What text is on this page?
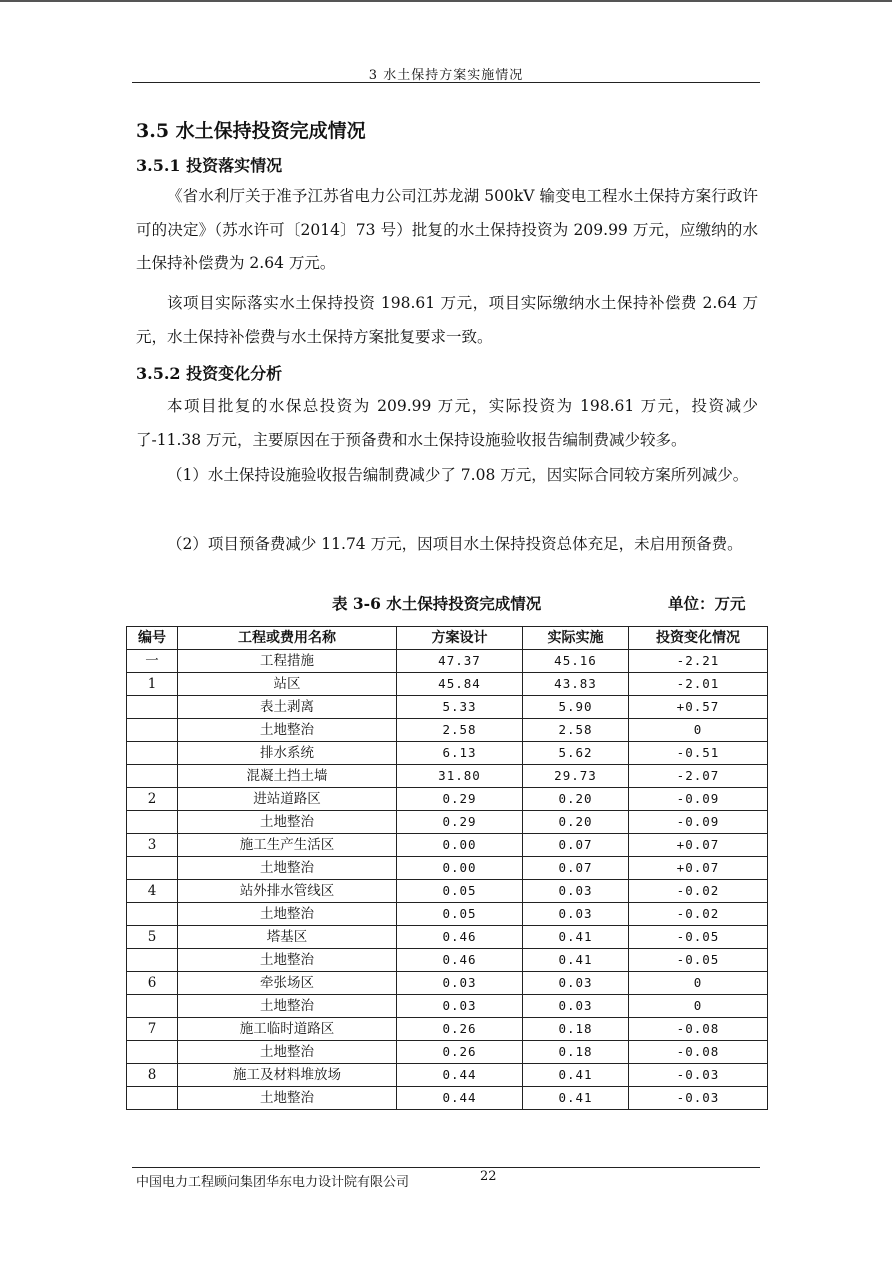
3 水土保持方案实施情况
3.5 水土保持投资完成情况
3.5.1 投资落实情况

《省水利厅关于准予江苏省电力公司江苏龙湖 500kV 输变电工程水土保持方案行政许可的决定》（苏水许可〔2014〕73 号）批复的水土保持投资为 209.99 万元，应缴纳的水土保持补偿费为 2.64 万元。

该项目实际落实水土保持投资 198.61 万元，项目实际缴纳水土保持补偿费 2.64 万元，水土保持补偿费与水土保持方案批复要求一致。

3.5.2 投资变化分析

本项目批复的水保总投资为 209.99 万元，实际投资为 198.61 万元，投资减少了-11.38 万元，主要原因在于预备费和水土保持设施验收报告编制费减少较多。

（1）水土保持设施验收报告编制费减少了 7.08 万元，因实际合同较方案所列减少。

（2）项目预备费减少 11.74 万元，因项目水土保持投资总体充足，未启用预备费。

表 3-6 水土保持投资完成情况	单位：万元
编号	工程或费用名称	方案设计	实际实施	投资变化情况
一	工程措施	47.37	45.16	-2.21
1	站区	45.84	43.83	-2.01
	表土剥离	5.33	5.90	+0.57
	土地整治	2.58	2.58	0
	排水系统	6.13	5.62	-0.51
	混凝土挡土墙	31.80	29.73	-2.07
2	进站道路区	0.29	0.20	-0.09
	土地整治	0.29	0.20	-0.09
3	施工生产生活区	0.00	0.07	+0.07
	土地整治	0.00	0.07	+0.07
4	站外排水管线区	0.05	0.03	-0.02
	土地整治	0.05	0.03	-0.02
5	塔基区	0.46	0.41	-0.05
	土地整治	0.46	0.41	-0.05
6	牵张场区	0.03	0.03	0
	土地整治	0.03	0.03	0
7	施工临时道路区	0.26	0.18	-0.08
	土地整治	0.26	0.18	-0.08
8	施工及材料堆放场	0.44	0.41	-0.03
	土地整治	0.44	0.41	-0.03
中国电力工程顾问集团华东电力设计院有限公司	22
